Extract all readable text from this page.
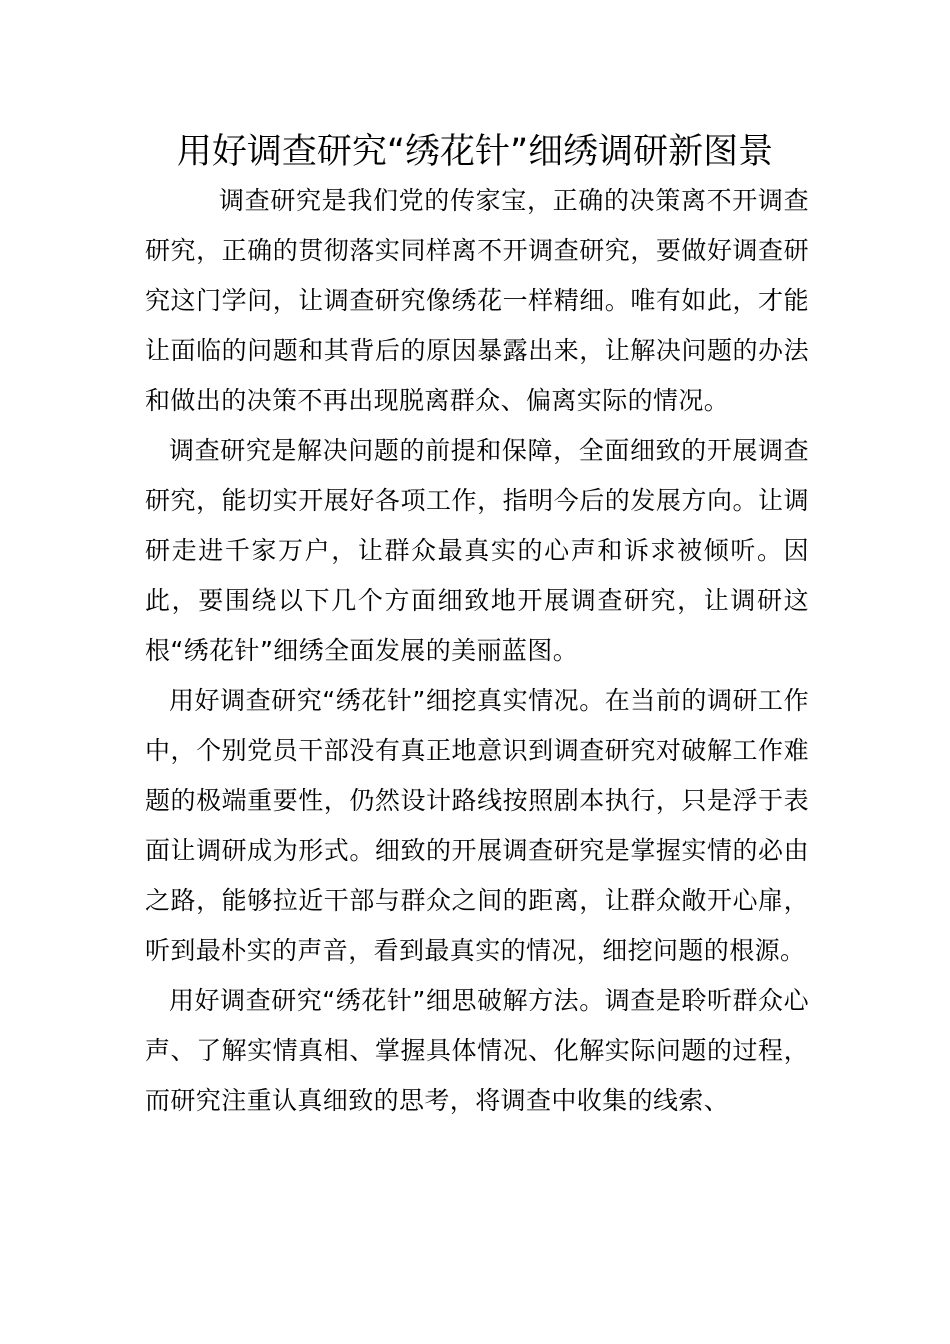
用好调查研究“绣花针”细绣调研新图景

调查研究是我们党的传家宝，正确的决策离不开调查研究，正确的贯彻落实同样离不开调查研究，要做好调查研究这门学问，让调查研究像绣花一样精细。唯有如此，才能让面临的问题和其背后的原因暴露出来，让解决问题的办法和做出的决策不再出现脱离群众、偏离实际的情况。

调查研究是解决问题的前提和保障，全面细致的开展调查研究，能切实开展好各项工作，指明今后的发展方向。让调研走进千家万户，让群众最真实的心声和诉求被倾听。因此，要围绕以下几个方面细致地开展调查研究，让调研这根“绣花针”细绣全面发展的美丽蓝图。

用好调查研究“绣花针”细挖真实情况。在当前的调研工作中，个别党员干部没有真正地意识到调查研究对破解工作难题的极端重要性，仍然设计路线按照剧本执行，只是浮于表面让调研成为形式。细致的开展调查研究是掌握实情的必由之路，能够拉近干部与群众之间的距离，让群众敞开心扉，听到最朴实的声音，看到最真实的情况，细挖问题的根源。

用好调查研究“绣花针”细思破解方法。调查是聆听群众心声、了解实情真相、掌握具体情况、化解实际问题的过程，而研究注重认真细致的思考，将调查中收集的线索、
